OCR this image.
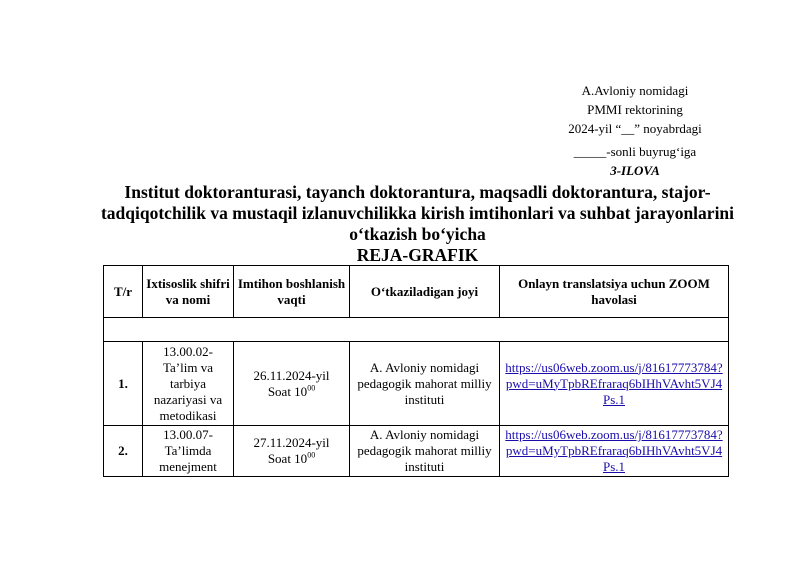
A.Avloniy nomidagi
PMMI rektorining
2024-yil “__” noyabrdagi
_____-sonli buyrug‘iga
3-ILOVA
Institut doktoranturasi, tayanch doktorantura, maqsadli doktorantura, stajor-tadqiqotchilik va mustaqil izlanuvchilikka kirish imtihonlari va suhbat jarayonlarini o‘tkazish bo‘yicha
REJA-GRAFIK
T/r	Ixtisoslik shifri va nomi	Imtihon boshlanish vaqti	O‘tkaziladigan joyi	Onlayn translatsiya uchun ZOOM havolasi

1.	13.00.02-Ta’lim va tarbiya nazariyasi va metodikasi	26.11.2024-yil
Soat $10^{00}$	A. Avloniy nomidagi pedagogik mahorat milliy instituti	https://us06web.zoom.us/j/81617773784?pwd=uMyTpbREfraraq6bIHhVAvht5VJ4Ps.1
2.	13.00.07-Ta’limda menejment	27.11.2024-yil
Soat $10^{00}$	A. Avloniy nomidagi pedagogik mahorat milliy instituti	https://us06web.zoom.us/j/81617773784?pwd=uMyTpbREfraraq6bIHhVAvht5VJ4Ps.1
